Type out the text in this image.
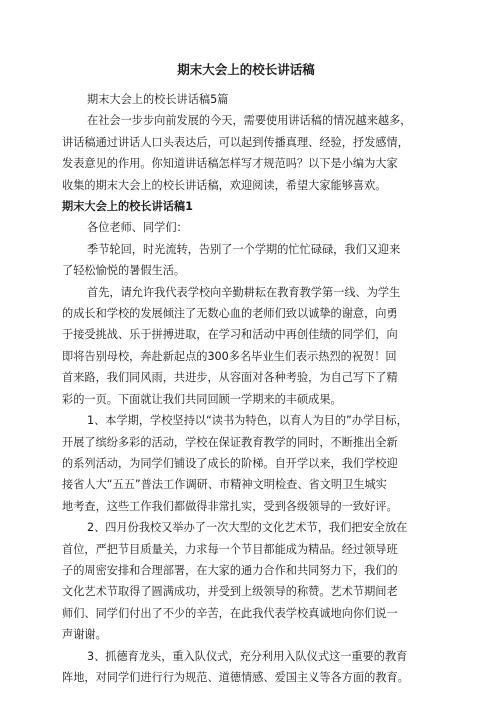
期末大会上的校长讲话稿

期末大会上的校长讲话稿5篇

在社会一步步向前发展的今天，需要使用讲话稿的情况越来越多，

讲话稿通过讲话人口头表达后，可以起到传播真理、经验，抒发感情，

发表意见的作用。你知道讲话稿怎样写才规范吗？以下是小编为大家

收集的期末大会上的校长讲话稿，欢迎阅读，希望大家能够喜欢。

期末大会上的校长讲话稿1

各位老师、同学们：

季节轮回，时光流转，告别了一个学期的忙忙碌碌，我们又迎来

了轻松愉悦的暑假生活。

首先，请允许我代表学校向辛勤耕耘在教育教学第一线、为学生

的成长和学校的发展倾注了无数心血的老师们致以诚挚的谢意，向勇

于接受挑战、乐于拼搏进取，在学习和活动中再创佳绩的同学们，向

即将告别母校，奔赴新起点的300多名毕业生们表示热烈的祝贺！回

首来路，我们同风雨，共进步，从容面对各种考验，为自己写下了精

彩的一页。下面就让我们共同回顾一学期来的丰硕成果。

1、本学期，学校坚持以“读书为特色，以育人为目的”办学目标，

开展了缤纷多彩的活动，学校在保证教育教学的同时，不断推出全新

的系列活动，为同学们铺设了成长的阶梯。自开学以来，我们学校迎

接省人大“五五”普法工作调研、市精神文明检查、省文明卫生城实

地考查，这些工作我们都做得非常扎实，受到各级领导的一致好评。

2、四月份我校又举办了一次大型的文化艺术节，我们把安全放在

首位，严把节目质量关，力求每一个节目都能成为精品。经过领导班

子的周密安排和合理部署，在大家的通力合作和共同努力下，我们的

文化艺术节取得了圆满成功，并受到上级领导的称赞。艺术节期间老

师们、同学们付出了不少的辛苦，在此我代表学校真诚地向你们说一

声谢谢。

3、抓德育龙头，重入队仪式，充分利用入队仪式这一重要的教育

阵地，对同学们进行行为规范、道德情感、爱国主义等各方面的教育。
